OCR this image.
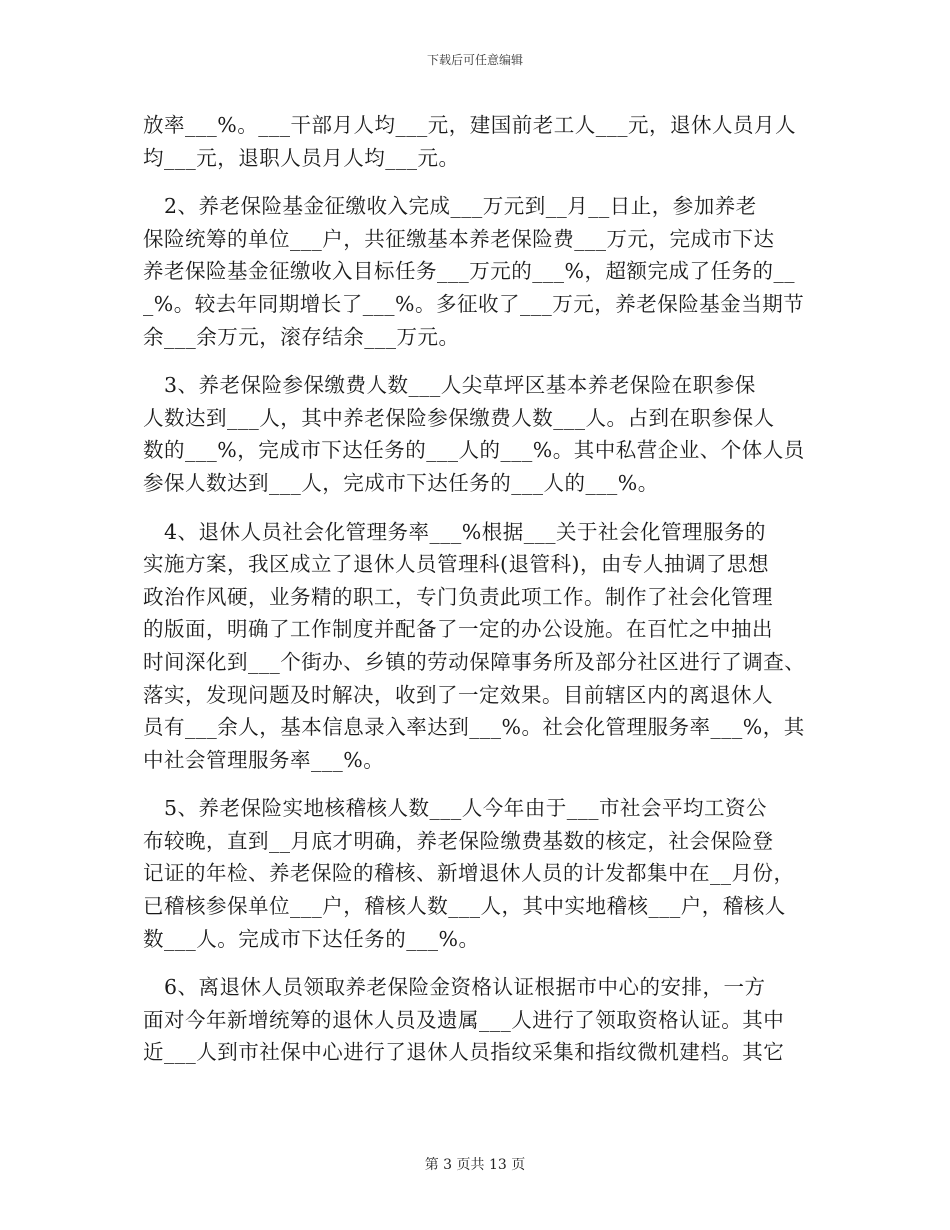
下载后可任意编辑
放率___%。___干部月人均___元，建国前老工人___元，退休人员月人
均___元，退职人员月人均___元。
　2、养老保险基金征缴收入完成___万元到__月__日止，参加养老
保险统筹的单位___户，共征缴基本养老保险费___万元，完成市下达
养老保险基金征缴收入目标任务___万元的___%，超额完成了任务的__
_%。较去年同期增长了___%。多征收了___万元，养老保险基金当期节
余___余万元，滚存结余___万元。
　3、养老保险参保缴费人数___人尖草坪区基本养老保险在职参保
人数达到___人，其中养老保险参保缴费人数___人。占到在职参保人
数的___%，完成市下达任务的___人的___%。其中私营企业、个体人员
参保人数达到___人，完成市下达任务的___人的___%。
　4、退休人员社会化管理务率___%根据___关于社会化管理服务的
实施方案，我区成立了退休人员管理科(退管科)，由专人抽调了思想
政治作风硬，业务精的职工，专门负责此项工作。制作了社会化管理
的版面，明确了工作制度并配备了一定的办公设施。在百忙之中抽出
时间深化到___个街办、乡镇的劳动保障事务所及部分社区进行了调查、
落实，发现问题及时解决，收到了一定效果。目前辖区内的离退休人
员有___余人，基本信息录入率达到___%。社会化管理服务率___%，其
中社会管理服务率___%。
　5、养老保险实地核稽核人数___人今年由于___市社会平均工资公
布较晚，直到__月底才明确，养老保险缴费基数的核定，社会保险登
记证的年检、养老保险的稽核、新增退休人员的计发都集中在__月份，
已稽核参保单位___户，稽核人数___人，其中实地稽核___户，稽核人
数___人。完成市下达任务的___%。
　6、离退休人员领取养老保险金资格认证根据市中心的安排，一方
面对今年新增统筹的退休人员及遗属___人进行了领取资格认证。其中
近___人到市社保中心进行了退休人员指纹采集和指纹微机建档。其它
第 3 页共 13 页
